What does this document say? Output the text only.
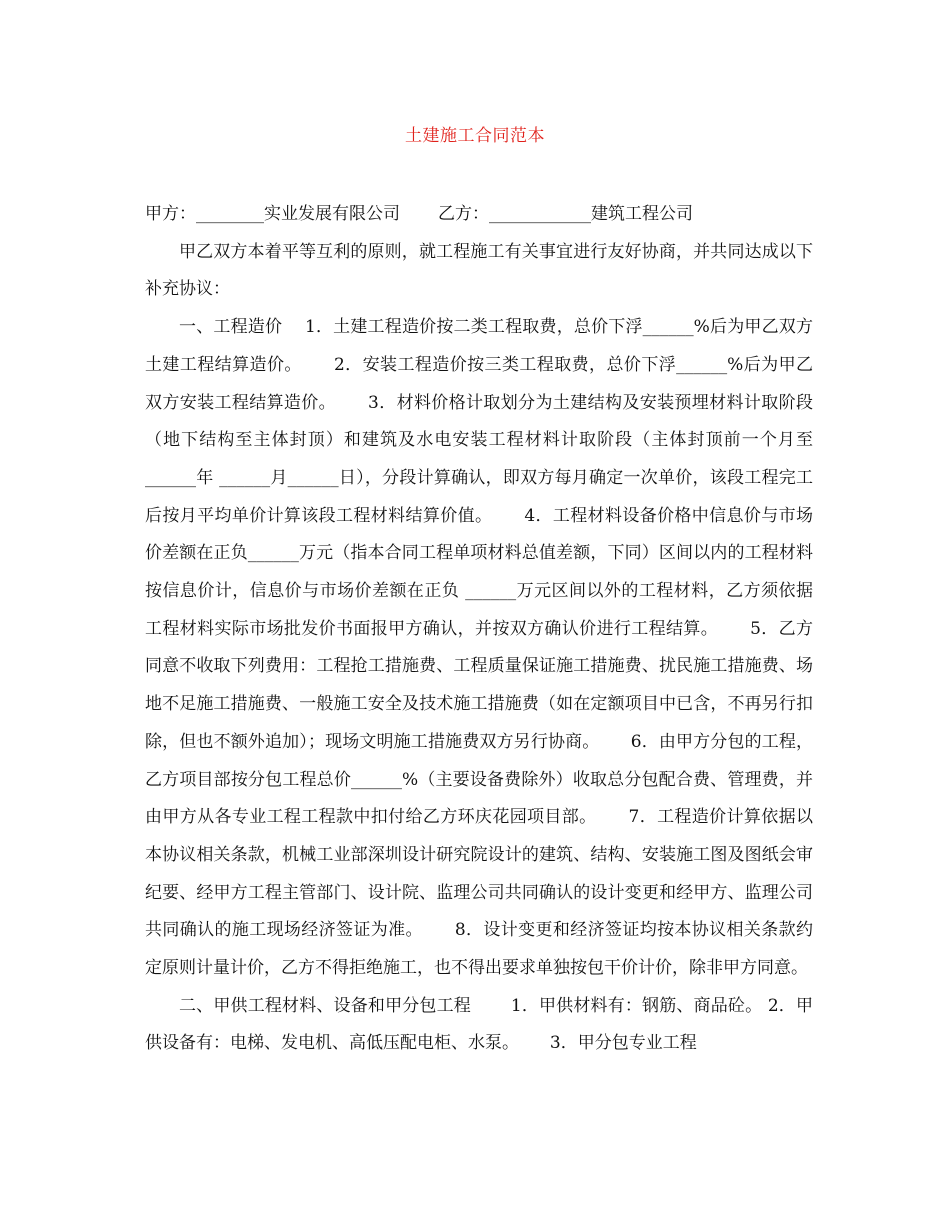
土建施工合同范本
甲方：________实业发展有限公司 乙方：____________建筑工程公司

甲乙双方本着平等互利的原则，就工程施工有关事宜进行友好协商，并共同达成以下补充协议：

一、工程造价　 1．土建工程造价按二类工程取费，总价下浮______%后为甲乙双方土建工程结算造价。　　 2．安装工程造价按三类工程取费，总价下浮______%后为甲乙双方安装工程结算造价。　　 3．材料价格计取划分为土建结构及安装预埋材料计取阶段（地下结构至主体封顶）和建筑及水电安装工程材料计取阶段（主体封顶前一个月至______年 ______月______日），分段计算确认，即双方每月确定一次单价，该段工程完工后按月平均单价计算该段工程材料结算价值。　　 4．工程材料设备价格中信息价与市场价差额在正负______万元（指本合同工程单项材料总值差额，下同）区间以内的工程材料按信息价计，信息价与市场价差额在正负 ______万元区间以外的工程材料，乙方须依据工程材料实际市场批发价书面报甲方确认，并按双方确认价进行工程结算。　　 5．乙方同意不收取下列费用：工程抢工措施费、工程质量保证施工措施费、扰民施工措施费、场地不足施工措施费、一般施工安全及技术施工措施费（如在定额项目中已含，不再另行扣除，但也不额外追加）；现场文明施工措施费双方另行协商。　　 6．由甲方分包的工程，乙方项目部按分包工程总价______%（主要设备费除外）收取总分包配合费、管理费，并由甲方从各专业工程工程款中扣付给乙方环庆花园项目部。　　 7．工程造价计算依据以本协议相关条款，机械工业部深圳设计研究院设计的建筑、结构、安装施工图及图纸会审纪要、经甲方工程主管部门、设计院、监理公司共同确认的设计变更和经甲方、监理公司共同确认的施工现场经济签证为准。　　 8．设计变更和经济签证均按本协议相关条款约定原则计量计价，乙方不得拒绝施工，也不得出要求单独按包干价计价，除非甲方同意。

二、甲供工程材料、设备和甲分包工程　　 1．甲供材料有：钢筋、商品砼。 2．甲供设备有：电梯、发电机、高低压配电柜、水泵。　　 3．甲分包专业工程
